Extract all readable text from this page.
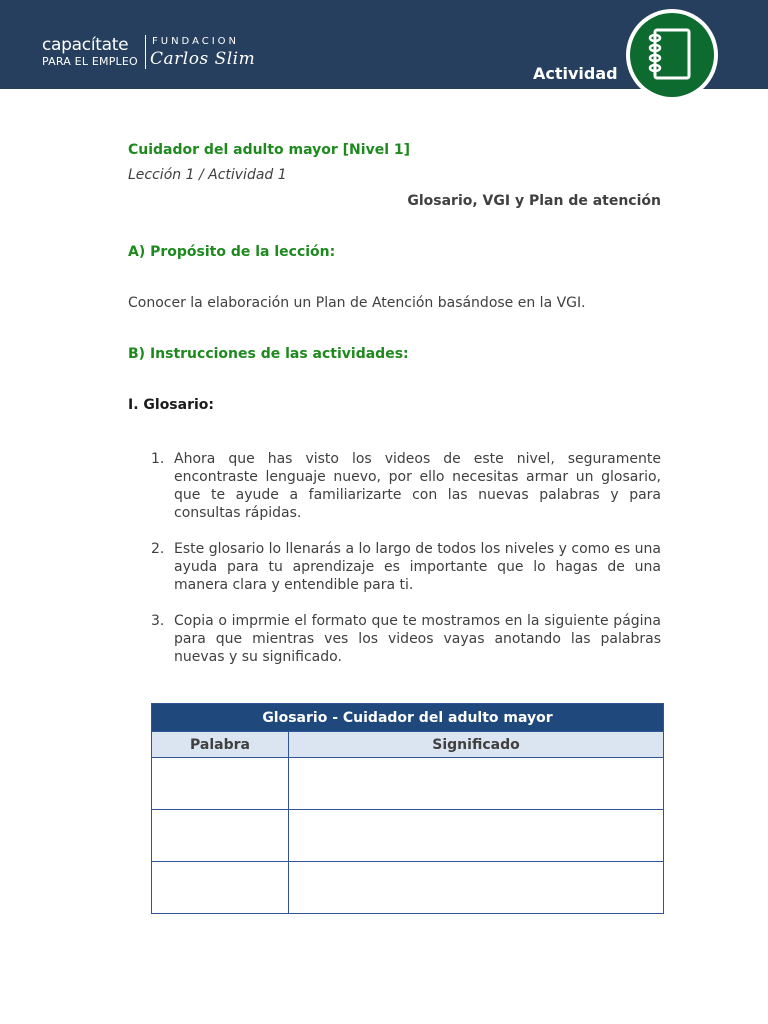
capacítate
PARA EL EMPLEO
FUNDACION
Carlos Slim
Actividad
Cuidador del adulto mayor [Nivel 1]
Lección 1 / Actividad 1
Glosario, VGI y Plan de atención
A) Propósito de la lección:
Conocer la elaboración un Plan de Atención basándose en la VGI.
B) Instrucciones de las actividades:
I. Glosario:
1. Ahora que has visto los videos de este nivel, seguramente encontraste lenguaje nuevo, por ello necesitas armar un glosario, que te ayude a familiarizarte con las nuevas palabras y para consultas rápidas.
2. Este glosario lo llenarás a lo largo de todos los niveles y como es una ayuda para tu aprendizaje es importante que lo hagas de una manera clara y entendible para ti.
3. Copia o imprmie el formato que te mostramos en la siguiente página para que mientras ves los videos vayas anotando las palabras nuevas y su significado.
Glosario - Cuidador del adulto mayor	
Palabra	Significado
